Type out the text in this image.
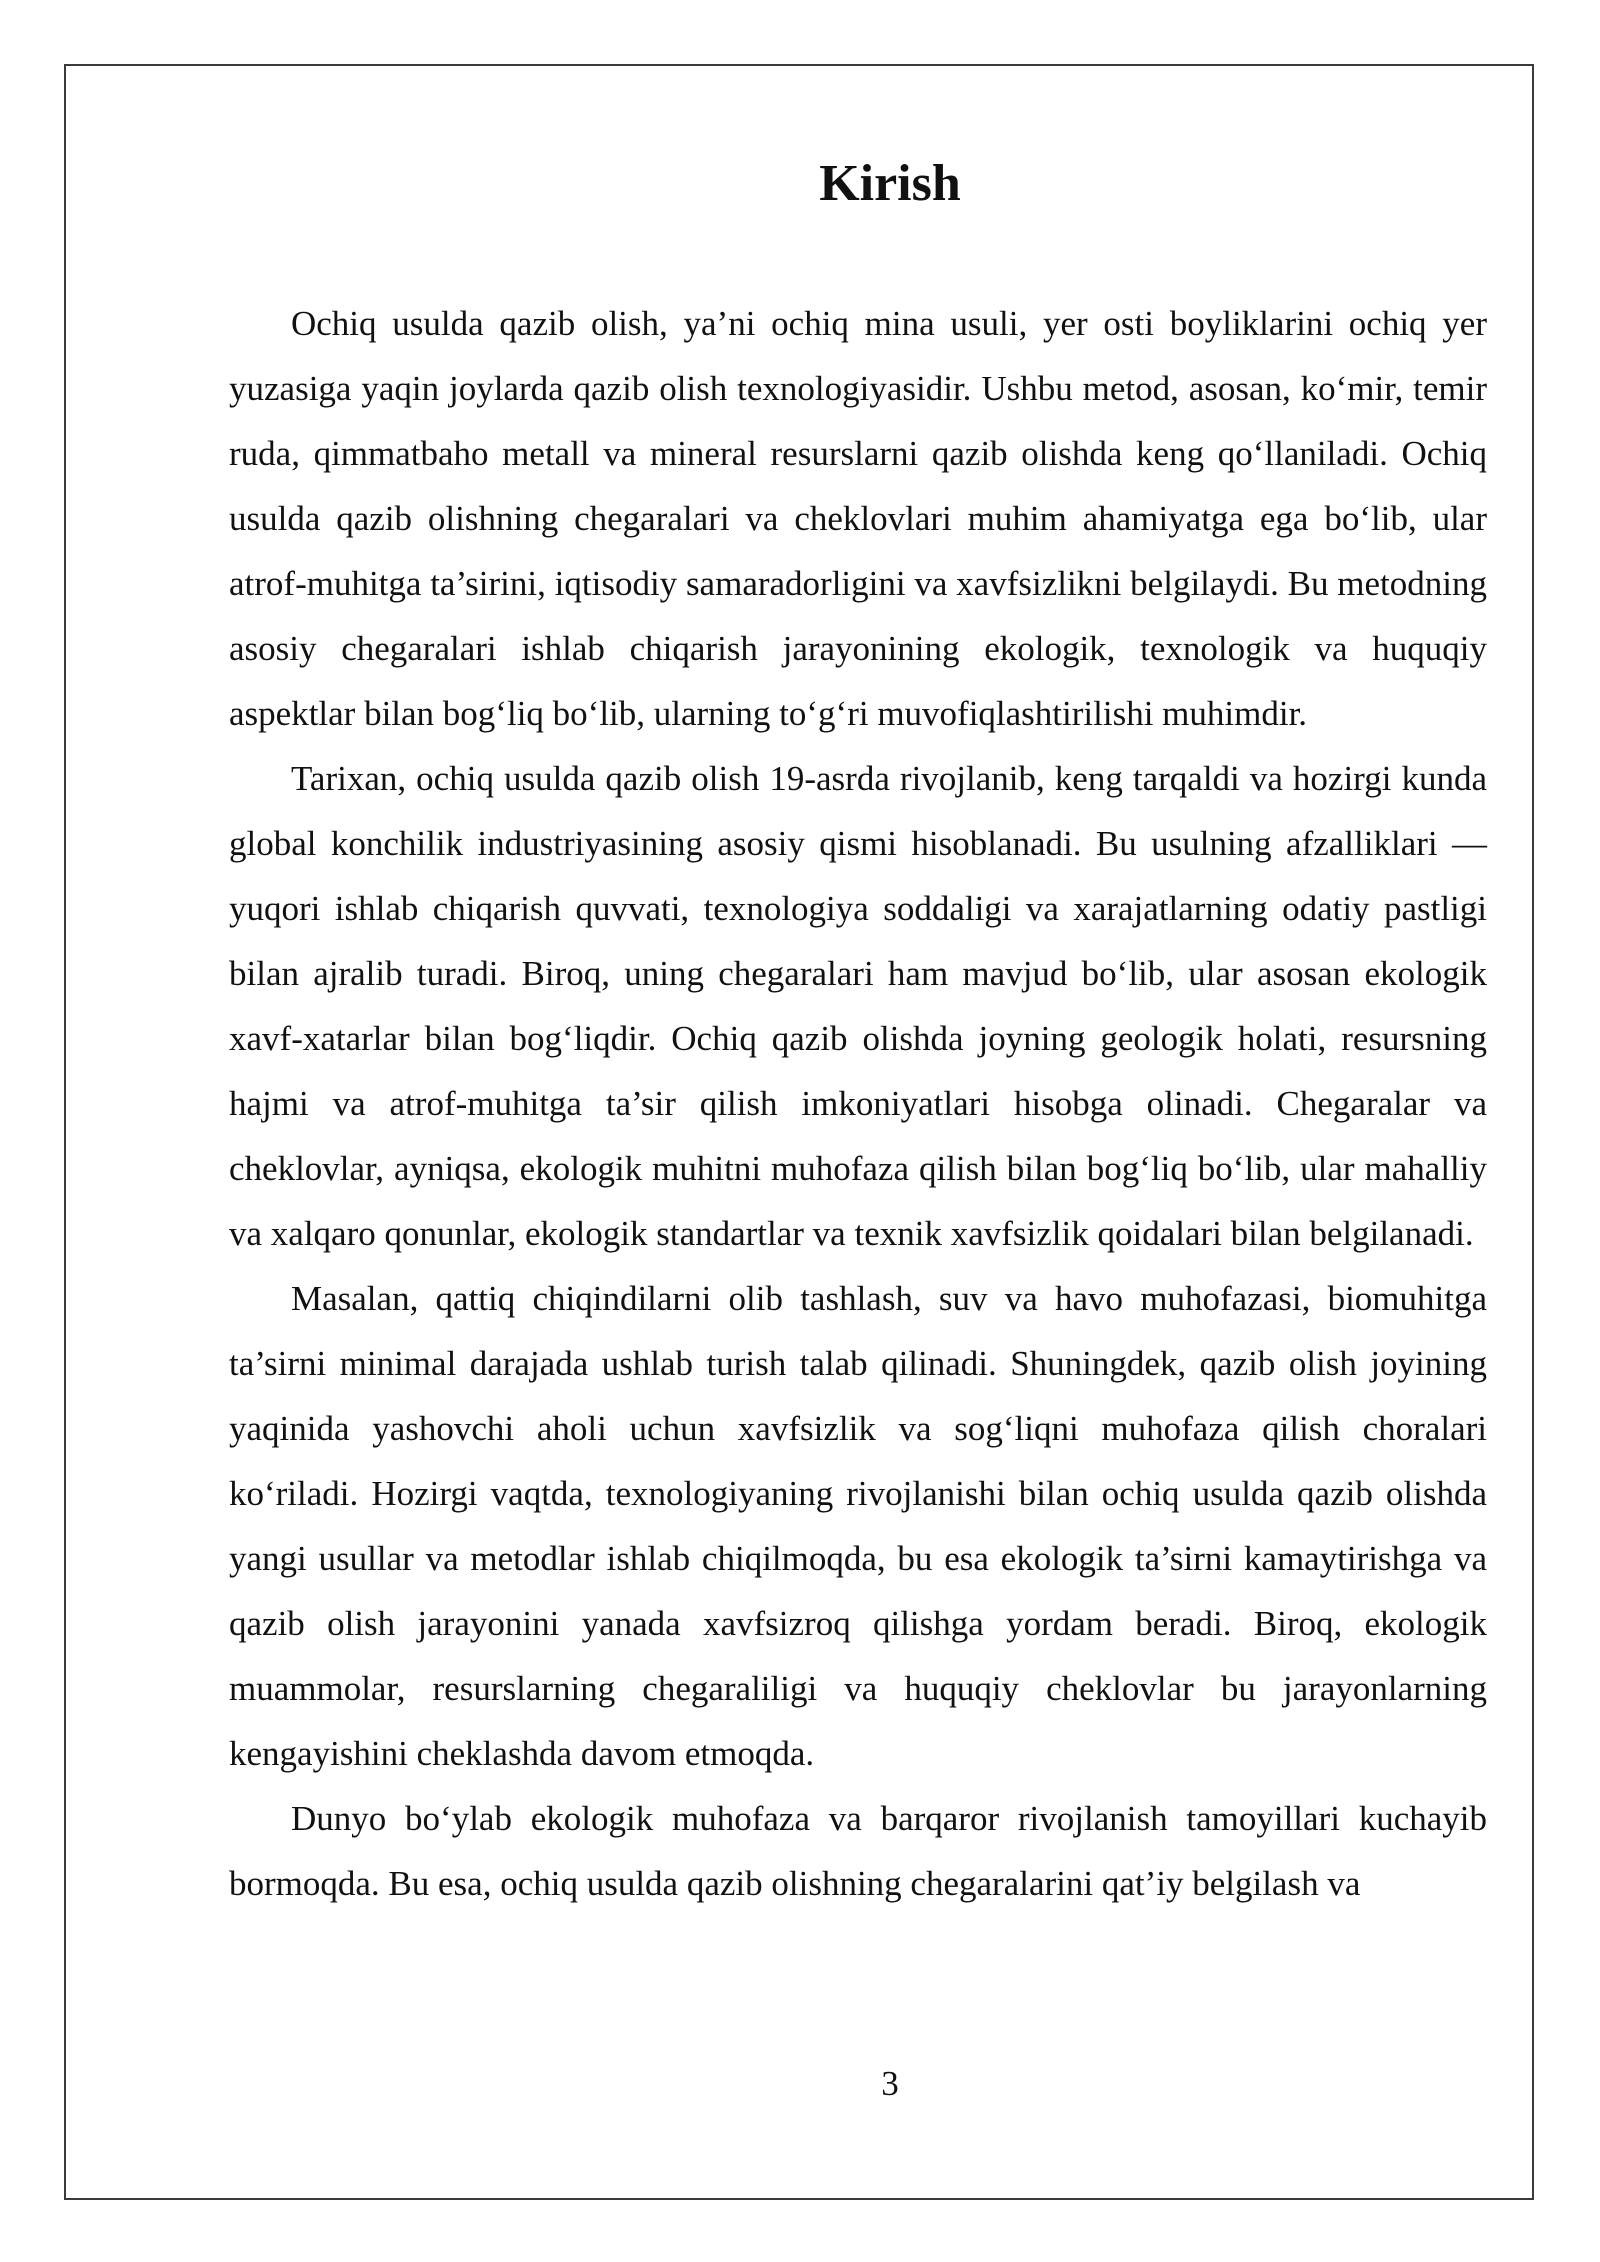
Kirish

Ochiq usulda qazib olish, ya’ni ochiq mina usuli, yer osti boyliklarini ochiq yer yuzasiga yaqin joylarda qazib olish texnologiyasidir. Ushbu metod, asosan, ko‘mir, temir ruda, qimmatbaho metall va mineral resurslarni qazib olishda keng qo‘llaniladi. Ochiq usulda qazib olishning chegaralari va cheklovlari muhim ahamiyatga ega bo‘lib, ular atrof-muhitga ta’sirini, iqtisodiy samaradorligini va xavfsizlikni belgilaydi. Bu metodning asosiy chegaralari ishlab chiqarish jarayonining ekologik, texnologik va huquqiy aspektlar bilan bog‘liq bo‘lib, ularning to‘g‘ri muvofiqlashtirilishi muhimdir.

Tarixan, ochiq usulda qazib olish 19-asrda rivojlanib, keng tarqaldi va hozirgi kunda global konchilik industriyasining asosiy qismi hisoblanadi. Bu usulning afzalliklari — yuqori ishlab chiqarish quvvati, texnologiya soddaligi va xarajatlarning odatiy pastligi bilan ajralib turadi. Biroq, uning chegaralari ham mavjud bo‘lib, ular asosan ekologik xavf-xatarlar bilan bog‘liqdir. Ochiq qazib olishda joyning geologik holati, resursning hajmi va atrof-muhitga ta’sir qilish imkoniyatlari hisobga olinadi. Chegaralar va cheklovlar, ayniqsa, ekologik muhitni muhofaza qilish bilan bog‘liq bo‘lib, ular mahalliy va xalqaro qonunlar, ekologik standartlar va texnik xavfsizlik qoidalari bilan belgilanadi.

Masalan, qattiq chiqindilarni olib tashlash, suv va havo muhofazasi, biomuhitga ta’sirni minimal darajada ushlab turish talab qilinadi. Shuningdek, qazib olish joyining yaqinida yashovchi aholi uchun xavfsizlik va sog‘liqni muhofaza qilish choralari ko‘riladi. Hozirgi vaqtda, texnologiyaning rivojlanishi bilan ochiq usulda qazib olishda yangi usullar va metodlar ishlab chiqilmoqda, bu esa ekologik ta’sirni kamaytirishga va qazib olish jarayonini yanada xavfsizroq qilishga yordam beradi. Biroq, ekologik muammolar, resurslarning chegaraliligi va huquqiy cheklovlar bu jarayonlarning kengayishini cheklashda davom etmoqda.

Dunyo bo‘ylab ekologik muhofaza va barqaror rivojlanish tamoyillari kuchayib bormoqda. Bu esa, ochiq usulda qazib olishning chegaralarini qat’iy belgilash va

3
